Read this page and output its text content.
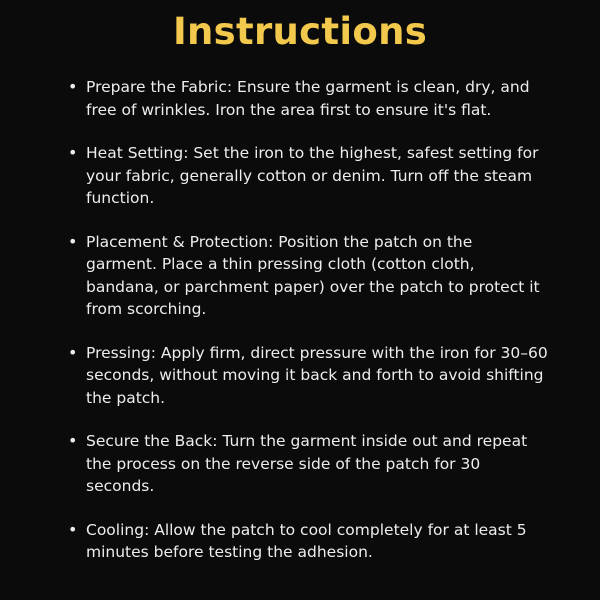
Instructions
• Prepare the Fabric: Ensure the garment is clean, dry, and free of wrinkles. Iron the area first to ensure it's flat.
• Heat Setting: Set the iron to the highest, safest setting for your fabric, generally cotton or denim. Turn off the steam function.
• Placement & Protection: Position the patch on the garment. Place a thin pressing cloth (cotton cloth, bandana, or parchment paper) over the patch to protect it from scorching.
• Pressing: Apply firm, direct pressure with the iron for 30–60 seconds, without moving it back and forth to avoid shifting the patch.
• Secure the Back: Turn the garment inside out and repeat the process on the reverse side of the patch for 30 seconds.
• Cooling: Allow the patch to cool completely for at least 5 minutes before testing the adhesion.
